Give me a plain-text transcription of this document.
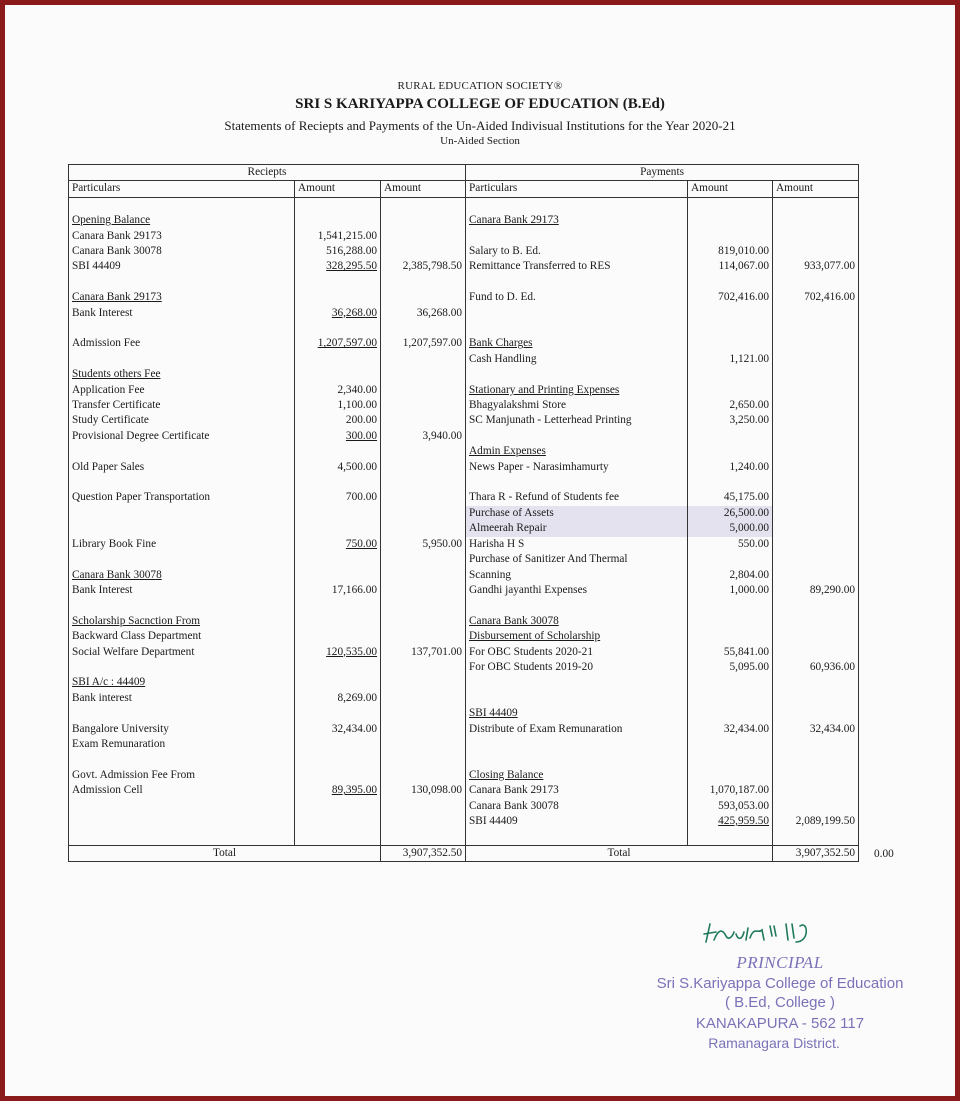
RURAL EDUCATION SOCIETY®
SRI S KARIYAPPA COLLEGE OF EDUCATION (B.Ed)
Statements of Reciepts and Payments of the Un-Aided Indivisual Institutions for the Year 2020-21
Un-Aided Section
Reciepts			Payments		
Particulars	Amount	Amount	Particulars	Amount	Amount

Opening Balance			Canara Bank 29173		
Canara Bank 29173	1,541,215.00				
Canara Bank 30078	516,288.00		Salary to B. Ed.	819,010.00	
SBI 44409	328,295.50	2,385,798.50	Remittance Transferred to RES	114,067.00	933,077.00

Canara Bank 29173			Fund to D. Ed.	702,416.00	702,416.00
Bank Interest	36,268.00	36,268.00			

Admission Fee	1,207,597.00	1,207,597.00	Bank Charges		
			Cash Handling	1,121.00	
Students others Fee					
Application Fee	2,340.00		Stationary and Printing Expenses		
Transfer Certificate	1,100.00		Bhagyalakshmi Store	2,650.00	
Study Certificate	200.00		SC Manjunath - Letterhead Printing	3,250.00	
Provisional Degree Certificate	300.00	3,940.00			
			Admin Expenses		
Old Paper Sales	4,500.00		News Paper - Narasimhamurty	1,240.00	

Question Paper Transportation	700.00		Thara R - Refund of Students fee	45,175.00	
			Purchase of Assets	26,500.00	
			Almeerah Repair	5,000.00	
Library Book Fine	750.00	5,950.00	Harisha H S	550.00	
			Purchase of Sanitizer And Thermal		
Canara Bank 30078			Scanning	2,804.00	
Bank Interest	17,166.00		Gandhi jayanthi Expenses	1,000.00	89,290.00

Scholarship Sacnction From			Canara Bank 30078		
Backward Class Department			Disbursement of Scholarship		
Social Welfare Department	120,535.00	137,701.00	For OBC Students 2020-21	55,841.00	
			For OBC Students 2019-20	5,095.00	60,936.00
SBI A/c : 44409					
Bank interest	8,269.00				
			SBI 44409		
Bangalore University	32,434.00		Distribute of Exam Remunaration	32,434.00	32,434.00
Exam Remunaration					

Govt. Admission Fee From			Closing Balance		
Admission Cell	89,395.00	130,098.00	Canara Bank 29173	1,070,187.00	
			Canara Bank 30078	593,053.00	
			SBI 44409	425,959.50	2,089,199.50

Total		3,907,352.50	Total		3,907,352.50 0.00
PRINCIPAL
Sri S.Kariyappa College of Education
( B.Ed, College )
KANAKAPURA - 562 117
Ramanagara District.
